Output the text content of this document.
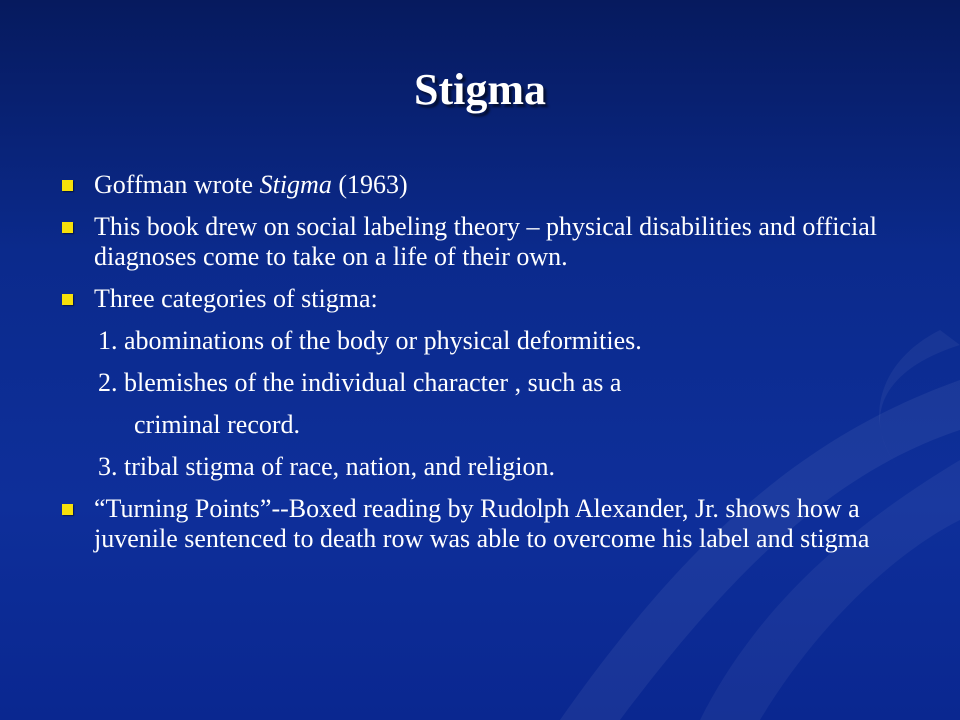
Stigma
Goffman wrote Stigma (1963)
This book drew on social labeling theory – physical disabilities and official diagnoses come to take on a life of their own.
Three categories of stigma:
1. abominations of the body or physical deformities.
2. blemishes of the individual character , such as a
criminal record.
3. tribal stigma of race, nation, and religion.
“Turning Points”--Boxed reading by Rudolph Alexander, Jr. shows how a juvenile sentenced to death row was able to overcome his label and stigma
